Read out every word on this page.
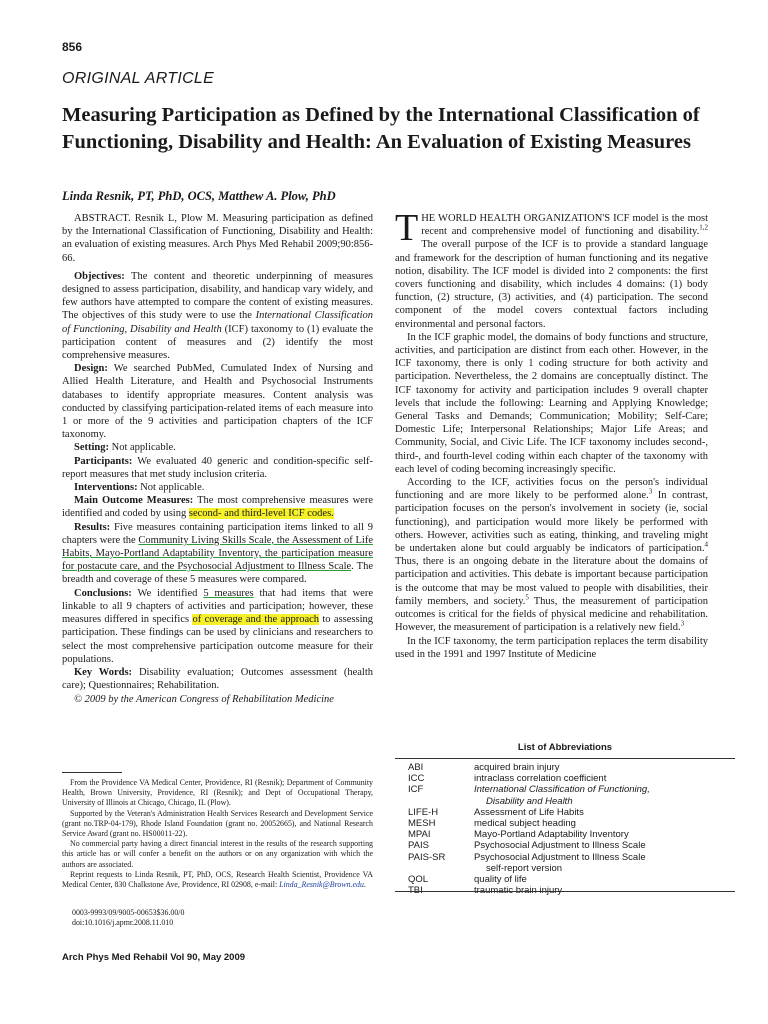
856
ORIGINAL ARTICLE
Measuring Participation as Defined by the International Classification of Functioning, Disability and Health: An Evaluation of Existing Measures
Linda Resnik, PT, PhD, OCS, Matthew A. Plow, PhD

ABSTRACT. Resnik L, Plow M. Measuring participation as defined by the International Classification of Functioning, Disability and Health: an evaluation of existing measures. Arch Phys Med Rehabil 2009;90:856-66.

Objectives: The content and theoretic underpinning of measures designed to assess participation, disability, and handicap vary widely, and few authors have attempted to compare the content of existing measures. The objectives of this study were to use the International Classification of Functioning, Disability and Health (ICF) taxonomy to (1) evaluate the participation content of measures and (2) identify the most comprehensive measures.

Design: We searched PubMed, Cumulated Index of Nursing and Allied Health Literature, and Health and Psychosocial Instruments databases to identify appropriate measures. Content analysis was conducted by classifying participation-related items of each measure into 1 or more of the 9 activities and participation chapters of the ICF taxonomy.

Setting: Not applicable.

Participants: We evaluated 40 generic and condition-specific self-report measures that met study inclusion criteria.

Interventions: Not applicable.

Main Outcome Measures: The most comprehensive measures were identified and coded by using second- and third-level ICF codes.

Results: Five measures containing participation items linked to all 9 chapters were the Community Living Skills Scale, the Assessment of Life Habits, Mayo-Portland Adaptability Inventory, the participation measure for postacute care, and the Psychosocial Adjustment to Illness Scale. The breadth and coverage of these 5 measures were compared.

Conclusions: We identified 5 measures that had items that were linkable to all 9 chapters of activities and participation; however, these measures differed in specifics of coverage and the approach to assessing participation. These findings can be used by clinicians and researchers to select the most comprehensive participation outcome measure for their populations.

Key Words: Disability evaluation; Outcomes assessment (health care); Questionnaires; Rehabilitation.

© 2009 by the American Congress of Rehabilitation Medicine

THE WORLD HEALTH ORGANIZATION'S ICF model is the most recent and comprehensive model of functioning and disability.$^{1,2}$ The overall purpose of the ICF is to provide a standard language and framework for the description of human functioning and its negative notion, disability. The ICF model is divided into 2 components: the first covers functioning and disability, which includes 4 domains: (1) body function, (2) structure, (3) activities, and (4) participation. The second component of the model covers contextual factors including environmental and personal factors.

In the ICF graphic model, the domains of body functions and structure, activities, and participation are distinct from each other. However, in the ICF taxonomy, there is only 1 coding structure for both activity and participation. Nevertheless, the 2 domains are conceptually distinct. The ICF taxonomy for activity and participation includes 9 overall chapter levels that include the following: Learning and Applying Knowledge; General Tasks and Demands; Communication; Mobility; Self-Care; Domestic Life; Interpersonal Relationships; Major Life Areas; and Community, Social, and Civic Life. The ICF taxonomy includes second-, third-, and fourth-level coding within each chapter of the taxonomy with each level of coding becoming increasingly specific.

According to the ICF, activities focus on the person's individual functioning and are more likely to be performed alone.$^3$ In contrast, participation focuses on the person's involvement in society (ie, social functioning), and participation would more likely be performed with others. However, activities such as eating, thinking, and traveling might be undertaken alone but could arguably be indicators of participation.$^4$ Thus, there is an ongoing debate in the literature about the domains of participation and activities. This debate is important because participation is the outcome that may be most valued to people with disabilities, their family members, and society.$^5$ Thus, the measurement of participation outcomes is critical for the fields of physical medicine and rehabilitation. However, the measurement of participation is a relatively new field.$^3$

In the ICF taxonomy, the term participation replaces the term disability used in the 1991 and 1997 Institute of Medicine

List of Abbreviations
ABI	acquired brain injury
ICC	intraclass correlation coefficient
ICF	International Classification of Functioning,
Disability and Health
LIFE-H	Assessment of Life Habits
MESH	medical subject heading
MPAI	Mayo-Portland Adaptability Inventory
PAIS	Psychosocial Adjustment to Illness Scale
PAIS-SR	Psychosocial Adjustment to Illness Scale
self-report version
QOL	quality of life
TBI	traumatic brain injury

From the Providence VA Medical Center, Providence, RI (Resnik); Department of Community Health, Brown University, Providence, RI (Resnik); and Dept of Occupational Therapy, University of Illinois at Chicago, Chicago, IL (Plow).

Supported by the Veteran's Administration Health Services Research and Development Service (grant no.TRP-04-179), Rhode Island Foundation (grant no. 20052665), and National Research Service Award (grant no. HS00011-22).

No commercial party having a direct financial interest in the results of the research supporting this article has or will confer a benefit on the authors or on any organization with which the authors are associated.

Reprint requests to Linda Resnik, PT, PhD, OCS, Research Health Scientist, Providence VA Medical Center, 830 Chalkstone Ave, Providence, RI 02908, e-mail: Linda_Resnik@Brown.edu.

0003-9993/09/9005-00653$36.00/0
doi:10.1016/j.apmr.2008.11.010
Arch Phys Med Rehabil Vol 90, May 2009
